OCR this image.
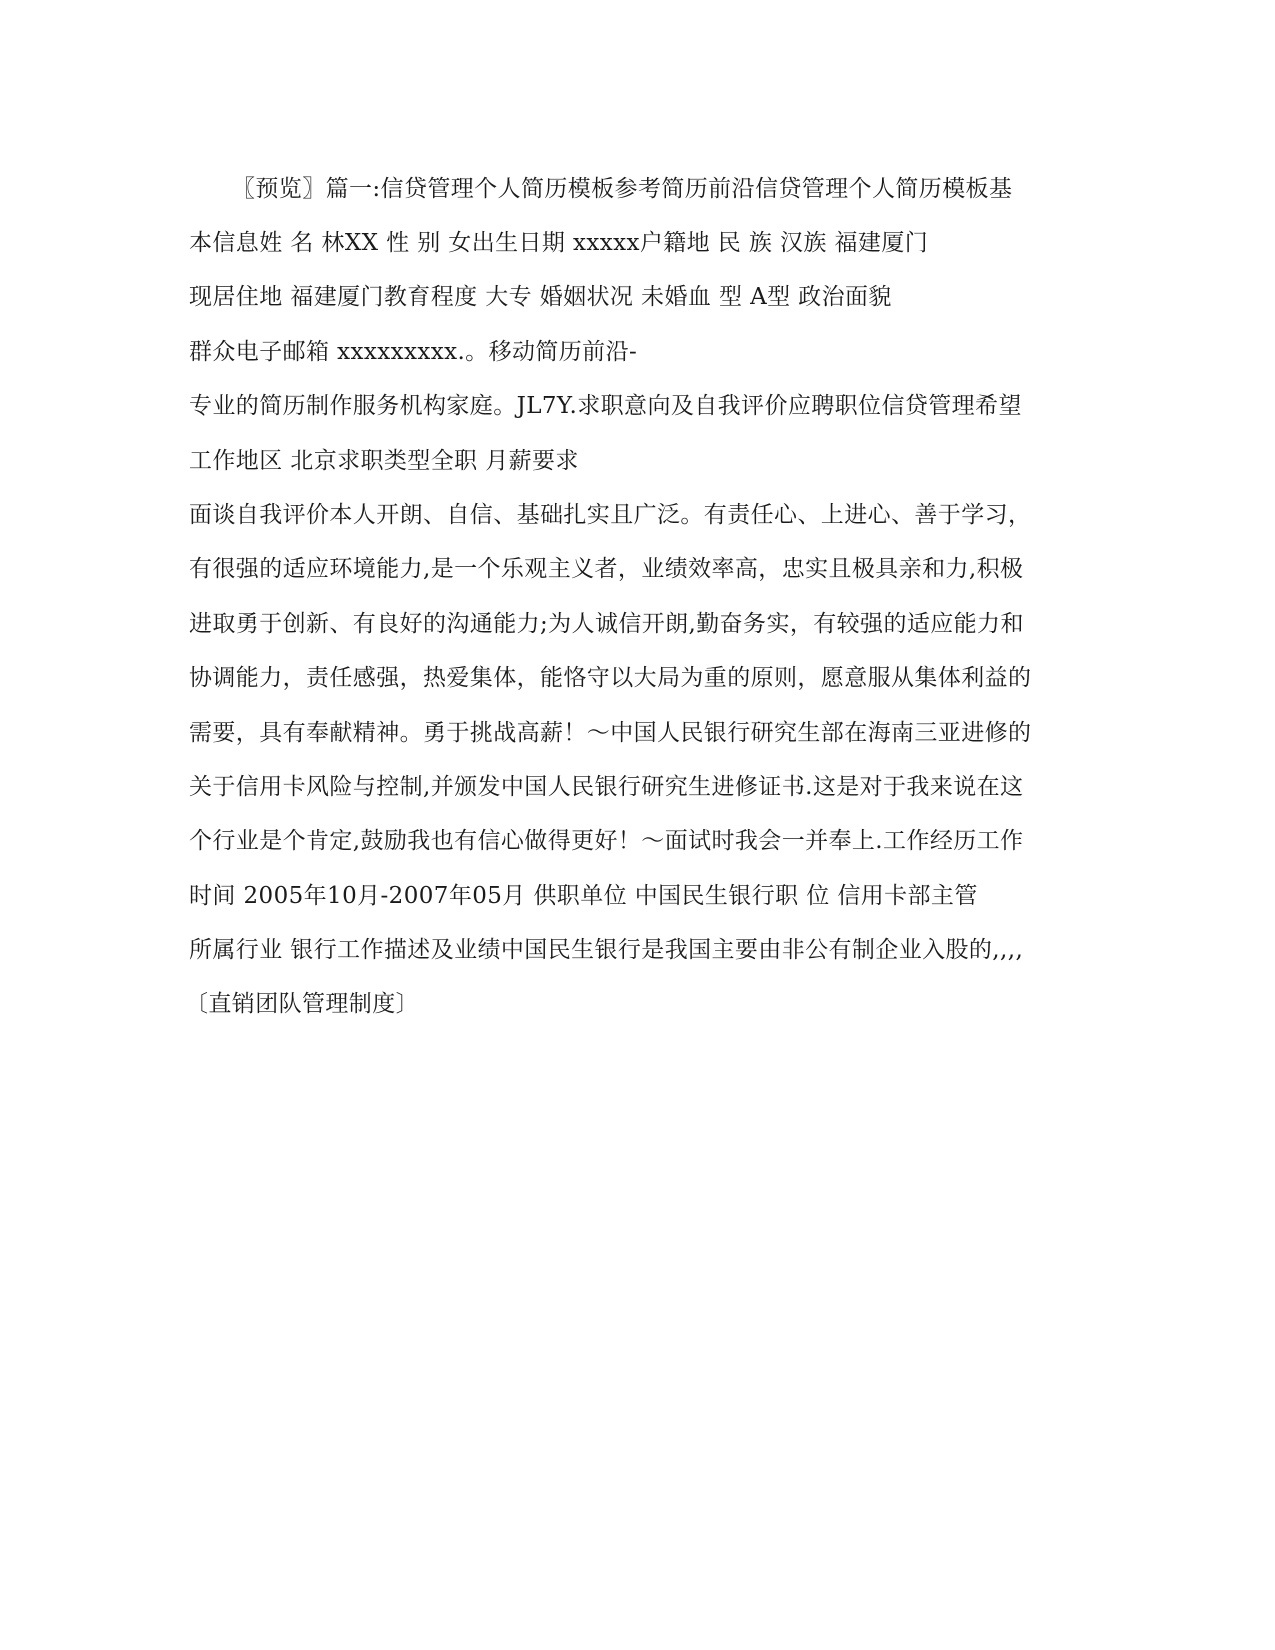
〖预览〗篇一:信贷管理个人简历模板参考简历前沿信贷管理个人简历模板基
本信息姓 名 林XX 性 别 女出生日期 xxxxx户籍地 民 族 汉族 福建厦门
现居住地 福建厦门教育程度 大专 婚姻状况 未婚血 型 A型 政治面貌
群众电子邮箱 xxxxxxxxx.。移动简历前沿-
专业的简历制作服务机构家庭。JL7Y.求职意向及自我评价应聘职位信贷管理希望
工作地区 北京求职类型全职 月薪要求
面谈自我评价本人开朗、自信、基础扎实且广泛。有责任心、上进心、善于学习，
有很强的适应环境能力,是一个乐观主义者，业绩效率高，忠实且极具亲和力,积极
进取勇于创新、有良好的沟通能力;为人诚信开朗,勤奋务实，有较强的适应能力和
协调能力，责任感强，热爱集体，能恪守以大局为重的原则，愿意服从集体利益的
需要，具有奉献精神。勇于挑战高薪！～中国人民银行研究生部在海南三亚进修的
关于信用卡风险与控制,并颁发中国人民银行研究生进修证书.这是对于我来说在这
个行业是个肯定,鼓励我也有信心做得更好！～面试时我会一并奉上.工作经历工作
时间 2005年10月-2007年05月 供职单位 中国民生银行职 位 信用卡部主管
所属行业 银行工作描述及业绩中国民生银行是我国主要由非公有制企业入股的,,,,
〔直销团队管理制度〕
